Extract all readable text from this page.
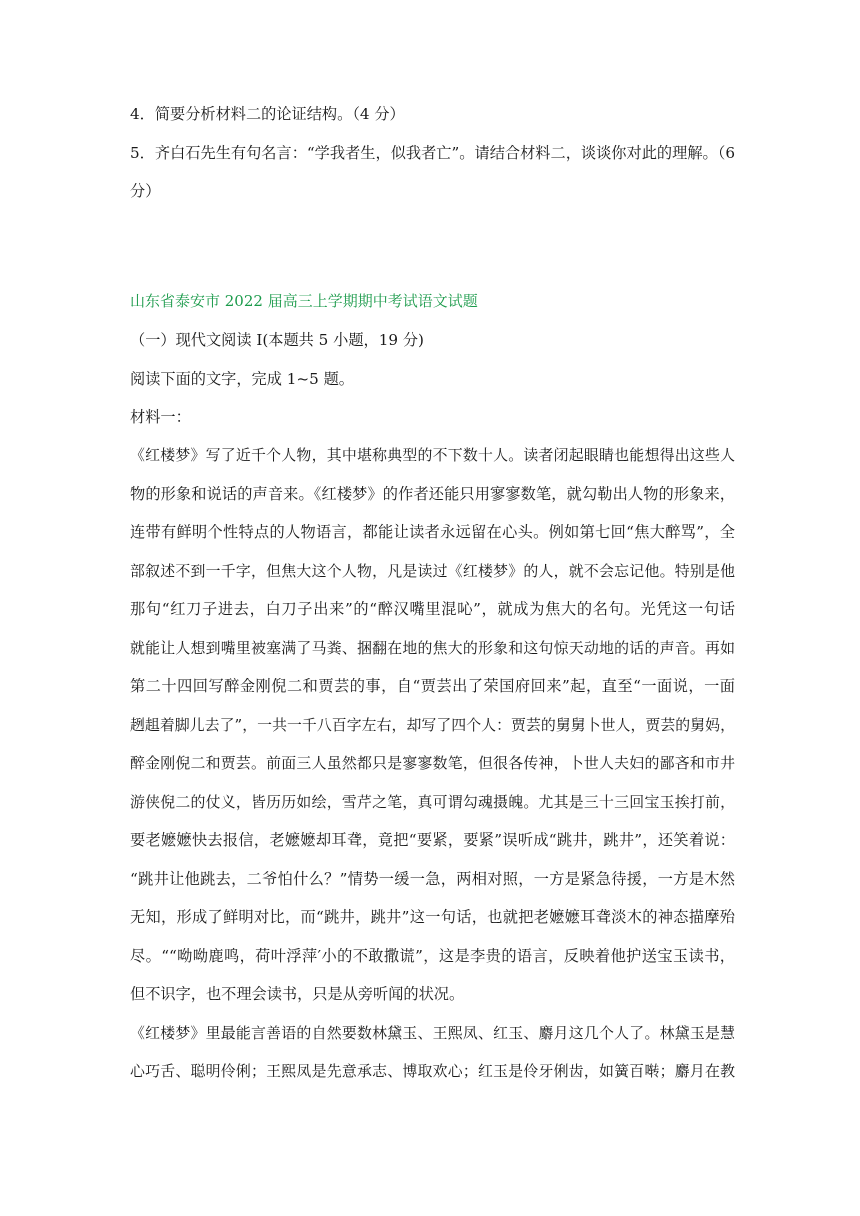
4．简要分析材料二的论证结构。（4 分）

5．齐白石先生有句名言：“学我者生，似我者亡”。请结合材料二，谈谈你对此的理解。（6

分）

山东省泰安市 2022 届高三上学期期中考试语文试题

（一）现代文阅读 I(本题共 5 小题，19 分)

阅读下面的文字，完成 1~5 题。

材料一：

《红楼梦》写了近千个人物，其中堪称典型的不下数十人。读者闭起眼睛也能想得出这些人

物的形象和说话的声音来。《红楼梦》的作者还能只用寥寥数笔，就勾勒出人物的形象来，

连带有鲜明个性特点的人物语言，都能让读者永远留在心头。例如第七回“焦大醉骂”，全

部叙述不到一千字，但焦大这个人物，凡是读过《红楼梦》的人，就不会忘记他。特别是他

那句“红刀子进去，白刀子出来”的“醉汉嘴里混吣”，就成为焦大的名句。光凭这一句话

就能让人想到嘴里被塞满了马粪、捆翻在地的焦大的形象和这句惊天动地的话的声音。再如

第二十四回写醉金刚倪二和贾芸的事，自“贾芸出了荣国府回来”起，直至“一面说，一面

趔趄着脚儿去了”，一共一千八百字左右，却写了四个人：贾芸的舅舅卜世人，贾芸的舅妈，

醉金刚倪二和贾芸。前面三人虽然都只是寥寥数笔，但很各传神，卜世人夫妇的鄙吝和市井

游侠倪二的仗义，皆历历如绘，雪芹之笔，真可谓勾魂摄魄。尤其是三十三回宝玉挨打前，

要老嬷嬷快去报信，老嬷嬷却耳聋，竟把“要紧，要紧”误听成“跳井，跳井”，还笑着说：

“跳井让他跳去，二爷怕什么？”情势一缓一急，两相对照，一方是紧急待援，一方是木然

无知，形成了鲜明对比，而“跳井，跳井”这一句话，也就把老嬷嬷耳聋淡木的神态描摩殆

尽。““呦呦鹿鸣，荷叶浮萍′小的不敢撒谎”，这是李贵的语言，反映着他护送宝玉读书，

但不识字，也不理会读书，只是从旁听闻的状况。

《红楼梦》里最能言善语的自然要数林黛玉、王熙凤、红玉、麝月这几个人了。林黛玉是慧

心巧舌、聪明伶俐；王熙凤是先意承志、博取欢心；红玉是伶牙俐齿，如簧百啭；麝月在教
